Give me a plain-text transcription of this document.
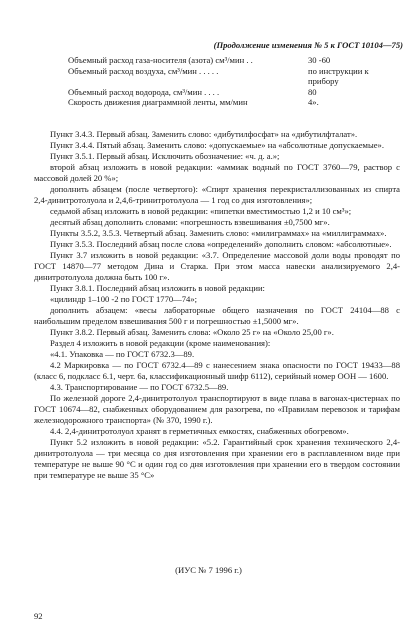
(Продолжение изменения № 5 к ГОСТ 10104—75)
Объемный расход газа-носителя (азота) см³/мин . .	30 -60
Объемный расход воздуха, см³/мин . . . . .	по инструкции к прибору
Объемный расход водорода, см³/мин . . . .	80
Скорость движения диаграммной ленты, мм/мин	4».

Пункт 3.4.3. Первый абзац. Заменить слово: «дибутилфосфат» на «дибутилфталат».

Пункт 3.4.4. Пятый абзац. Заменить слово: «допускаемые» на «абсолютные допускаемые».

Пункт 3.5.1. Первый абзац. Исключить обозначение: «ч. д. а.»;

второй абзац изложить в новой редакции: «аммиак водный по ГОСТ 3760—79, раствор с массовой долей 20 %»;

дополнить абзацем (после четвертого): «Спирт хранения перекристаллизованных из спирта 2,4-динитротолуола и 2,4,6-тринитротолуола — 1 год со дня изготовления»;

седьмой абзац изложить в новой редакции: «пипетки вместимостью 1,2 и 10 см³»;

десятый абзац дополнить словами: «погрешность взвешивания ±0,7500 мг».

Пункты 3.5.2, 3.5.3. Четвертый абзац. Заменить слово: «милиграммах» на «миллиграммах».

Пункт 3.5.3. Последний абзац после слова «определений» дополнить словом: «абсолютные».

Пункт 3.7 изложить в новой редакции: «3.7. Определение массовой доли воды проводят по ГОСТ 14870—77 методом Дина и Старка. При этом масса навески анализируемого 2,4-динитротолуола должна быть 100 г».

Пункт 3.8.1. Последний абзац изложить в новой редакции:

«цилиндр 1–100 -2 по ГОСТ 1770—74»;

дополнить абзацем: «весы лабораторные общего назначения по ГОСТ 24104—88 с наибольшим пределом взвешивания 500 г и погрешностью ±1,5000 мг».

Пункт 3.8.2. Первый абзац. Заменить слова: «Около 25 г» на «Около 25,00 г».

Раздел 4 изложить в новой редакции (кроме наименования):

«4.1. Упаковка — по ГОСТ 6732.3—89.

4.2 Маркировка — по ГОСТ 6732.4—89 с нанесением знака опасности по ГОСТ 19433—88 (класс 6, подкласс 6.1, черт. 6а, классификационный шифр 6112), серийный номер ООН — 1600.

4.3. Транспортирование — по ГОСТ 6732.5—89.

По железной дороге 2,4-динитротолуол транспортируют в виде плава в вагонах-цистернах по ГОСТ 10674—82, снабженных оборудованием для разогрева, по «Правилам перевозок и тарифам железнодорожного транспорта» (№ 370, 1990 г.).

4.4. 2,4-динитротолуол хранят в герметичных емкостях, снабженных обогревом».

Пункт 5.2 изложить в новой редакции: «5.2. Гарантийный срок хранения технического 2,4-динитротолуола — три месяца со дня изготовления при хранении его в расплавленном виде при температуре не выше 90 °С и один год со дня изготовления при хранении его в твердом состоянии при температуре не выше 35 °С»

(ИУС № 7 1996 г.)
92
